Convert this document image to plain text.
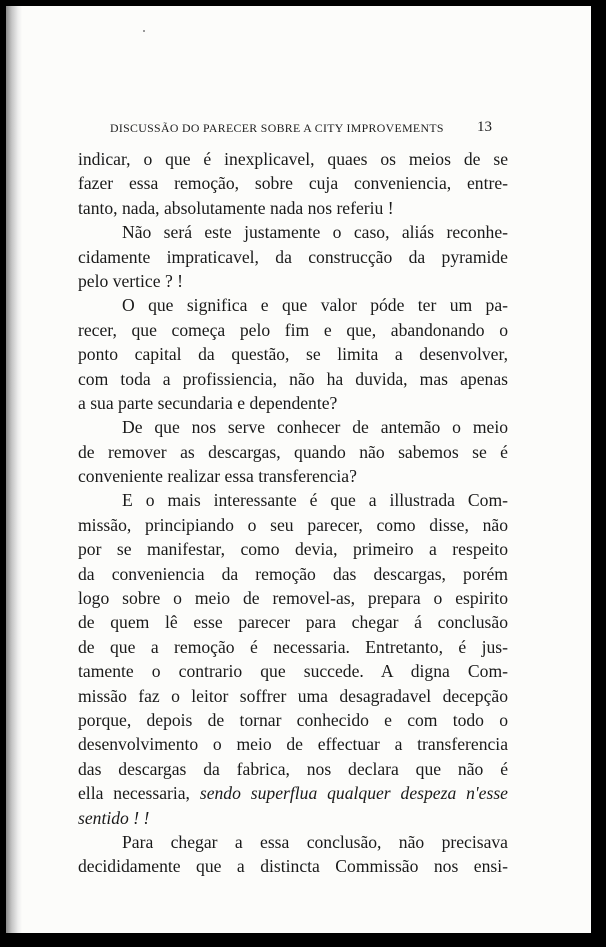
DISCUSSÃO DO PARECER SOBRE A CITY IMPROVEMENTS	13
indicar, o que é inexplicavel, quaes os meios de se
fazer essa remoção, sobre cuja conveniencia, entre-
tanto, nada, absolutamente nada nos referiu !
Não será este justamente o caso, aliás reconhe-
cidamente impraticavel, da construcção da pyramide
pelo vertice ? !
O que significa e que valor póde ter um pa-
recer, que começa pelo fim e que, abandonando o
ponto capital da questão, se limita a desenvolver,
com toda a profissiencia, não ha duvida, mas apenas
a sua parte secundaria e dependente?
De que nos serve conhecer de antemão o meio
de remover as descargas, quando não sabemos se é
conveniente realizar essa transferencia?
E o mais interessante é que a illustrada Com-
missão, principiando o seu parecer, como disse, não
por se manifestar, como devia, primeiro a respeito
da conveniencia da remoção das descargas, porém
logo sobre o meio de removel-as, prepara o espirito
de quem lê esse parecer para chegar á conclusão
de que a remoção é necessaria. Entretanto, é jus-
tamente o contrario que succede. A digna Com-
missão faz o leitor soffrer uma desagradavel decepção
porque, depois de tornar conhecido e com todo o
desenvolvimento o meio de effectuar a transferencia
das descargas da fabrica, nos declara que não é
ella necessaria, sendo superflua qualquer despeza n'esse
sentido ! !
Para chegar a essa conclusão, não precisava
decididamente que a distincta Commissão nos ensi-
